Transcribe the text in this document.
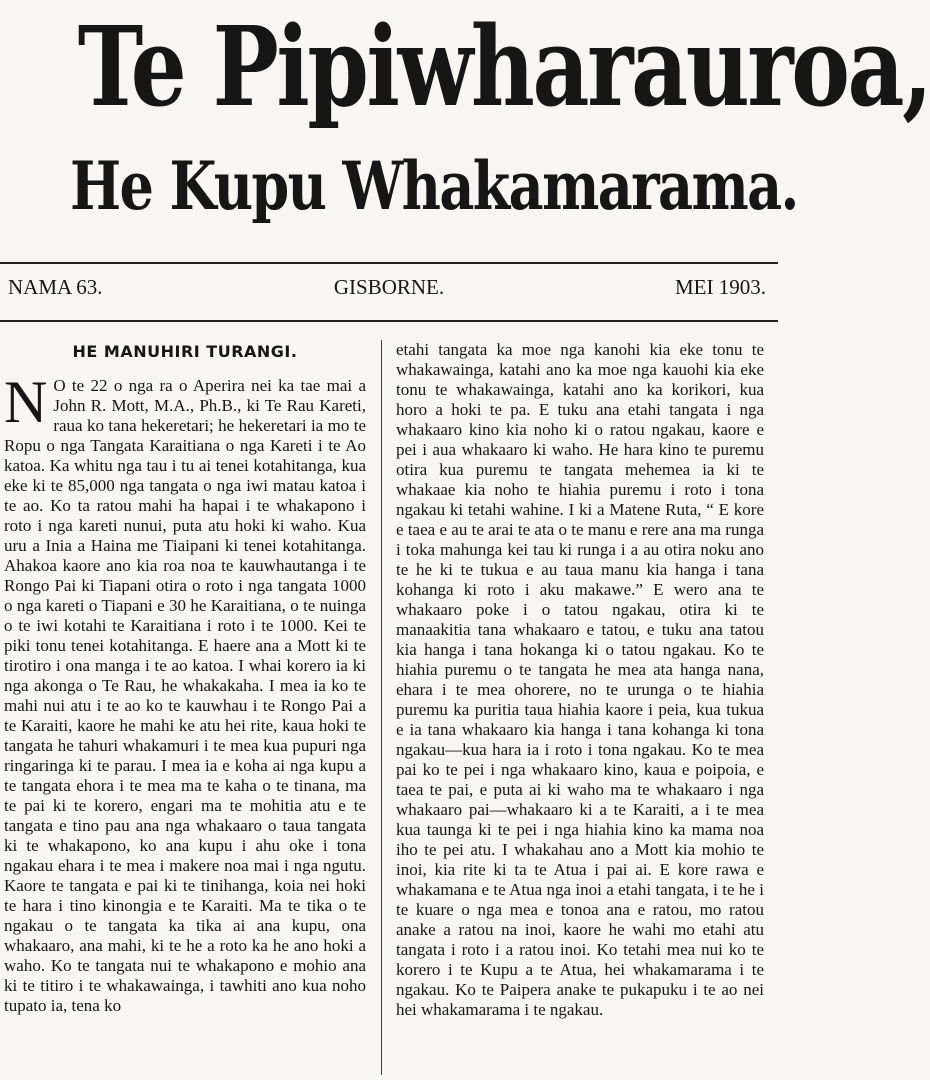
Te Pipiwharauroa,
He Kupu Whakamarama.
NAMA 63.	GISBORNE.	MEI 1903.
HE MANUHIRI TURANGI.

N O te 22 o nga ra o Aperira nei ka tae mai a John R. Mott, M.A., Ph.B., ki Te Rau Kareti, raua ko tana hekeretari; he hekeretari ia mo te Ropu o nga Tangata Karaitiana o nga Kareti i te Ao katoa. Ka whitu nga tau i tu ai tenei kotahitanga, kua eke ki te 85,000 nga tangata o nga iwi matau katoa i te ao. Ko ta ratou mahi ha hapai i te whakapono i roto i nga kareti nunui, puta atu hoki ki waho. Kua uru a Inia a Haina me Tiaipani ki tenei kotahitanga. Ahakoa kaore ano kia roa noa te kauwhautanga i te Rongo Pai ki Tiapani otira o roto i nga tangata 1000 o nga kareti o Tiapani e 30 he Karaitiana, o te nuinga o te iwi kotahi te Karaitiana i roto i te 1000. Kei te piki tonu tenei kotahitanga. E haere ana a Mott ki te tirotiro i ona manga i te ao katoa. I whai korero ia ki nga akonga o Te Rau, he whakakaha. I mea ia ko te mahi nui atu i te ao ko te kauwhau i te Rongo Pai a te Karaiti, kaore he mahi ke atu hei rite, kaua hoki te tangata he tahuri whakamuri i te mea kua pupuri nga ringaringa ki te parau. I mea ia e koha ai nga kupu a te tangata ehora i te mea ma te kaha o te tinana, ma te pai ki te korero, engari ma te mohitia atu e te tangata e tino pau ana nga whakaaro o taua tangata ki te whakapono, ko ana kupu i ahu oke i tona ngakau ehara i te mea i makere noa mai i nga ngutu. Kaore te tangata e pai ki te tinihanga, koia nei hoki te hara i tino kinongia e te Karaiti. Ma te tika o te ngakau o te tangata ka tika ai ana kupu, ona whakaaro, ana mahi, ki te he a roto ka he ano hoki a waho. Ko te tangata nui te whakapono e mohio ana ki te titiro i te whakawainga, i tawhiti ano kua noho tupato ia, tena ko

etahi tangata ka moe nga kanohi kia eke tonu te whakawainga, katahi ano ka moe nga kauohi kia eke tonu te whakawainga, katahi ano ka korikori, kua horo a hoki te pa. E tuku ana etahi tangata i nga whakaaro kino kia noho ki o ratou ngakau, kaore e pei i aua whakaaro ki waho. He hara kino te puremu otira kua puremu te tangata mehemea ia ki te whakaae kia noho te hiahia puremu i roto i tona ngakau ki tetahi wahine. I ki a Matene Ruta, “ E kore e taea e au te arai te ata o te manu e rere ana ma runga i toka mahunga kei tau ki runga i a au otira noku ano te he ki te tukua e au taua manu kia hanga i tana kohanga ki roto i aku makawe.” E wero ana te whakaaro poke i o tatou ngakau, otira ki te manaakitia tana whakaaro e tatou, e tuku ana tatou kia hanga i tana hokanga ki o tatou ngakau. Ko te hiahia puremu o te tangata he mea ata hanga nana, ehara i te mea ohorere, no te urunga o te hiahia puremu ka puritia taua hiahia kaore i peia, kua tukua e ia tana whakaaro kia hanga i tana kohanga ki tona ngakau—kua hara ia i roto i tona ngakau. Ko te mea pai ko te pei i nga whakaaro kino, kaua e poipoia, e taea te pai, e puta ai ki waho ma te whakaaro i nga whakaaro pai—whakaaro ki a te Karaiti, a i te mea kua taunga ki te pei i nga hiahia kino ka mama noa iho te pei atu. I whakahau ano a Mott kia mohio te inoi, kia rite ki ta te Atua i pai ai. E kore rawa e whakamana e te Atua nga inoi a etahi tangata, i te he i te kuare o nga mea e tonoa ana e ratou, mo ratou anake a ratou na inoi, kaore he wahi mo etahi atu tangata i roto i a ratou inoi. Ko tetahi mea nui ko te korero i te Kupu a te Atua, hei whakamarama i te ngakau. Ko te Paipera anake te pukapuku i te ao nei hei whakamarama i te ngakau.
